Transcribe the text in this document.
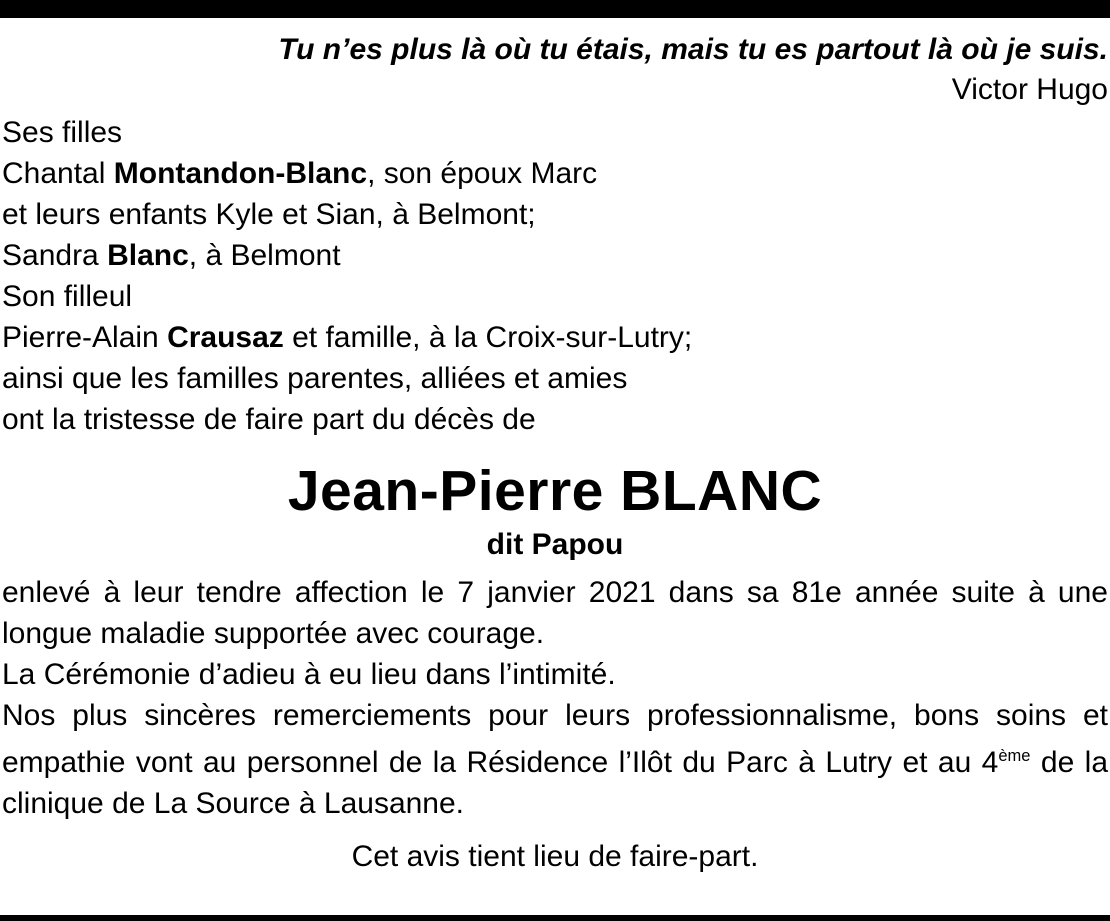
Tu n’es plus là où tu étais, mais tu es partout là où je suis.
Victor Hugo
Ses filles
Chantal Montandon-Blanc, son époux Marc
et leurs enfants Kyle et Sian, à Belmont;
Sandra Blanc, à Belmont
Son filleul
Pierre-Alain Crausaz et famille, à la Croix-sur-Lutry;
ainsi que les familles parentes, alliées et amies
ont la tristesse de faire part du décès de
Jean-Pierre BLANC
dit Papou

enlevé à leur tendre affection le 7 janvier 2021 dans sa 81e année suite à une longue maladie supportée avec courage.

La Cérémonie d’adieu à eu lieu dans l’intimité.

Nos plus sincères remerciements pour leurs professionnalisme, bons soins et empathie vont au personnel de la Résidence l’Ilôt du Parc à Lutry et au 4ème de la clinique de La Source à Lausanne.

Cet avis tient lieu de faire-part.
